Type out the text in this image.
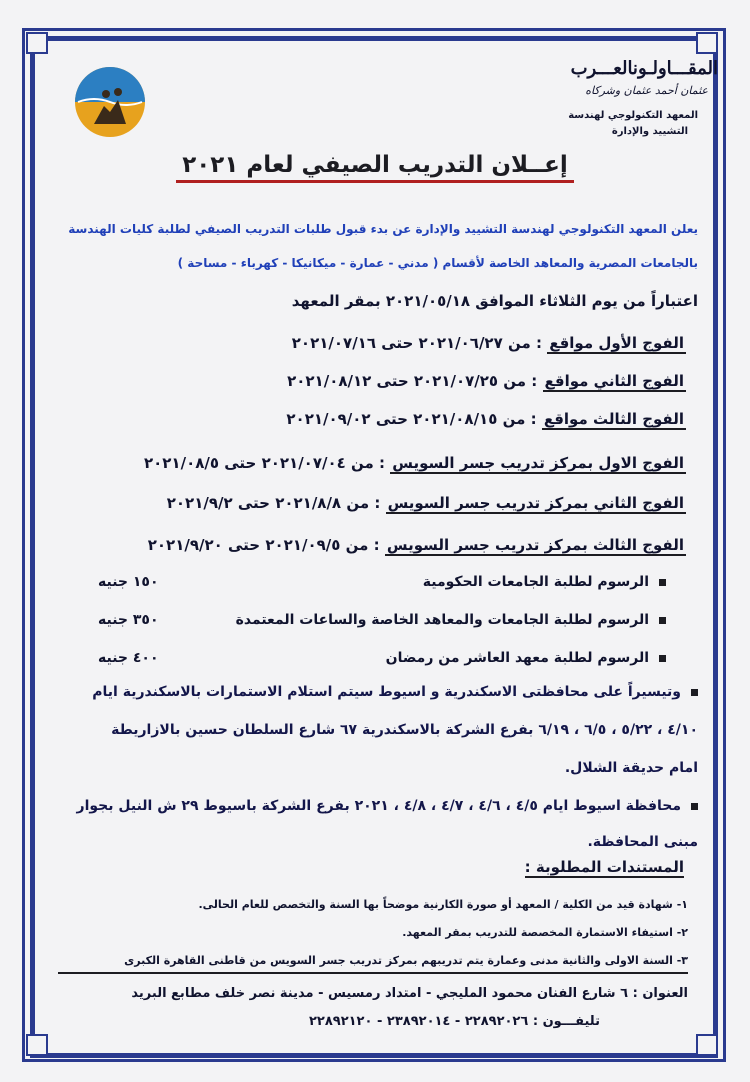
المقـــاولـونالعـــرب
عثمان أحمد عثمان وشركاه
المعهد التكنولوجي لهندسة
التشييد والإدارة
إعــلان التدريب الصيفي لعام ٢٠٢١
يعلن المعهد التكنولوجي لهندسة التشييد والإدارة عن بدء قبول طلبات التدريب الصيفي لطلبة كليات الهندسة
بالجامعات المصرية والمعاهد الخاصة لأقسام ( مدني - عمارة - ميكانيكا - كهرباء - مساحة )
اعتباراً من يوم الثلاثاء الموافق ٢٠٢١/٠٥/١٨ بمقر المعهد
الفوج الأول مواقع : من ٢٠٢١/٠٦/٢٧ حتى ٢٠٢١/٠٧/١٦
الفوج الثاني مواقع : من ٢٠٢١/٠٧/٢٥ حتى ٢٠٢١/٠٨/١٢
الفوج الثالث مواقع : من ٢٠٢١/٠٨/١٥ حتى ٢٠٢١/٠٩/٠٢
الفوج الاول بمركز تدريب جسر السويس : من ٢٠٢١/٠٧/٠٤ حتى ٢٠٢١/٠٨/٥
الفوج الثاني بمركز تدريب جسر السويس : من ٢٠٢١/٨/٨ حتى ٢٠٢١/٩/٢
الفوج الثالث بمركز تدريب جسر السويس : من ٢٠٢١/٠٩/٥ حتى ٢٠٢١/٩/٢٠
الرسوم لطلبة الجامعات الحكومية
١٥٠ جنيه
الرسوم لطلبة الجامعات والمعاهد الخاصة والساعات المعتمدة
٣٥٠ جنيه
الرسوم لطلبة معهد العاشر من رمضان
٤٠٠ جنيه
وتيسيراً على محافظتى الاسكندرية و اسيوط سيتم استلام الاستمارات بالاسكندرية ايام
٤/١٠ ، ٥/٢٢ ، ٦/٥ ، ٦/١٩ بفرع الشركة بالاسكندرية ٦٧ شارع السلطان حسين بالازاريطة
امام حديقة الشلال.
محافظة اسيوط ايام ٤/٥ ، ٤/٦ ، ٤/٧ ، ٤/٨ ، ٢٠٢١ بفرع الشركة باسيوط ٢٩ ش النيل بجوار
مبنى المحافظة.
المستندات المطلوبة :
١- شهادة قيد من الكلية / المعهد أو صورة الكارنية موضحاً بها السنة والتخصص للعام الحالى.
٢- استيفاء الاستمارة المخصصة للتدريب بمقر المعهد.
٣- السنة الاولى والثانية مدنى وعمارة يتم تدريبهم بمركز تدريب جسر السويس من قاطنى القاهرة الكبرى
العنوان : ٦ شارع الفنان محمود المليجي - امتداد رمسيس - مدينة نصر خلف مطابع البريد
تليفـــون : ٢٢٨٩٢٠٢٦ - ٢٣٨٩٢٠١٤ - ٢٢٨٩٢١٢٠
